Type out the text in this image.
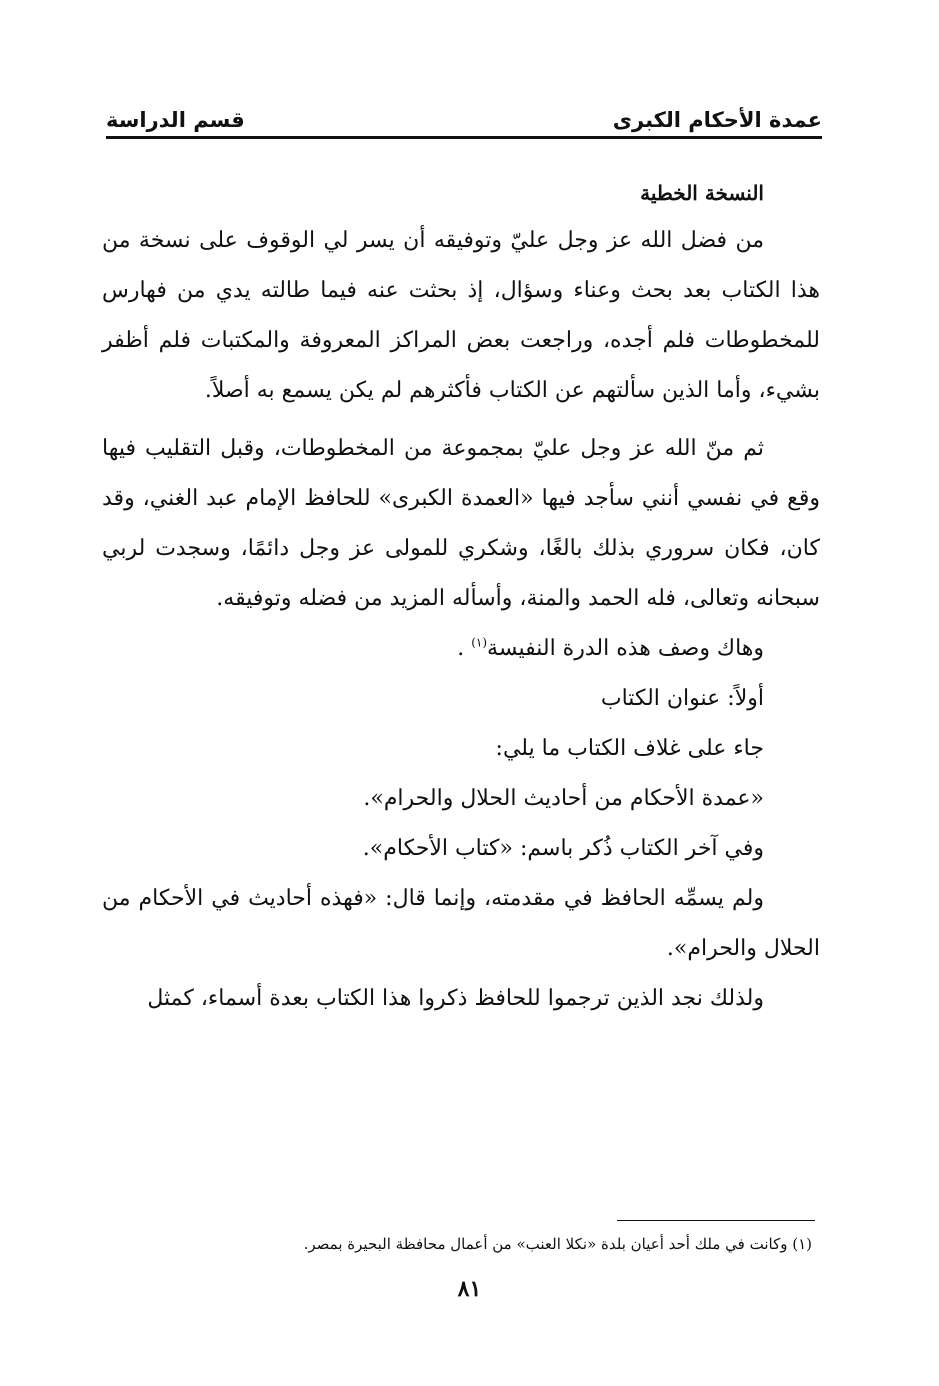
عمدة الأحكام الكبرى
قسم الدراسة

النسخة الخطية

من فضل الله عز وجل عليّ وتوفيقه أن يسر لي الوقوف على نسخة من هذا الكتاب بعد بحث وعناء وسؤال، إذ بحثت عنه فيما طالته يدي من فهارس للمخطوطات فلم أجده، وراجعت بعض المراكز المعروفة والمكتبات فلم أظفر بشيء، وأما الذين سألتهم عن الكتاب فأكثرهم لم يكن يسمع به أصلاً.

ثم منّ الله عز وجل عليّ بمجموعة من المخطوطات، وقبل التقليب فيها وقع في نفسي أنني سأجد فيها «العمدة الكبرى» للحافظ الإمام عبد الغني، وقد كان، فكان سروري بذلك بالغًا، وشكري للمولى عز وجل دائمًا، وسجدت لربي سبحانه وتعالى، فله الحمد والمنة، وأسأله المزيد من فضله وتوفيقه.

وهاك وصف هذه الدرة النفيسة$^{(١)}$ .

أولاً: عنوان الكتاب

جاء على غلاف الكتاب ما يلي:

«عمدة الأحكام من أحاديث الحلال والحرام».

وفي آخر الكتاب ذُكر باسم: «كتاب الأحكام».

ولم يسمِّه الحافظ في مقدمته، وإنما قال: «فهذه أحاديث في الأحكام من الحلال والحرام».

ولذلك نجد الذين ترجموا للحافظ ذكروا هذا الكتاب بعدة أسماء، كمثل

(١) وكانت في ملك أحد أعيان بلدة «نكلا العنب» من أعمال محافظة البحيرة بمصر.
٨١
